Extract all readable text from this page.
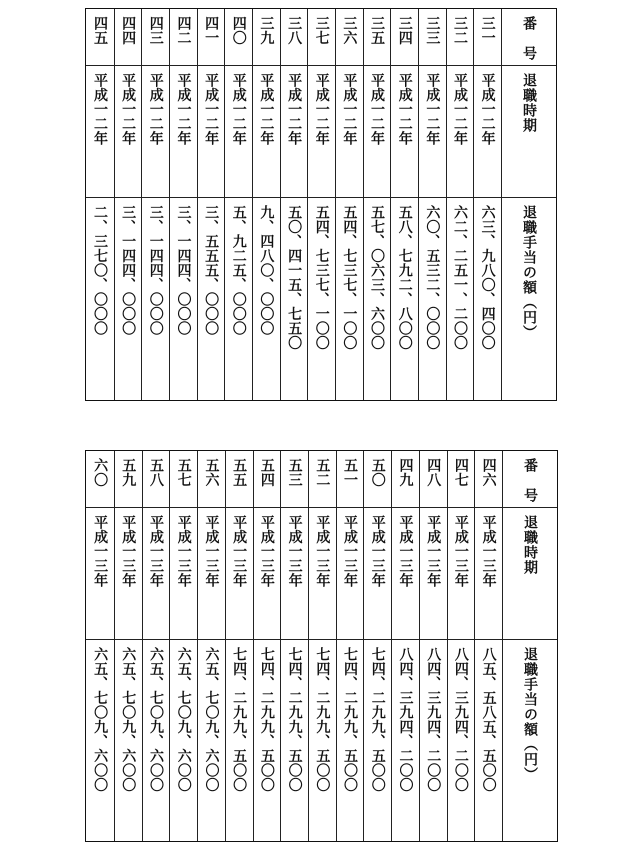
番　号
退職時期
退職手当の額（円）
三一
平成一二年
六三、九八〇、四〇〇
三二
平成一二年
六二、二五一、二〇〇
三三
平成一二年
六〇、五三二、〇〇〇
三四
平成一二年
五八、七九二、八〇〇
三五
平成一二年
五七、〇六三、六〇〇
三六
平成一二年
五四、七三七、一〇〇
三七
平成一二年
五四、七三七、一〇〇
三八
平成一二年
五〇、四一五、七五〇
三九
平成一二年
九、四八〇、〇〇〇
四〇
平成一二年
五、九二五、〇〇〇
四一
平成一二年
三、五五五、〇〇〇
四二
平成一二年
三、一四四、〇〇〇
四三
平成一二年
三、一四四、〇〇〇
四四
平成一二年
三、一四四、〇〇〇
四五
平成一二年
二、三七〇、〇〇〇
番　号
退職時期
退職手当の額（円）
四六
平成一三年
八五、五八五、五〇〇
四七
平成一三年
八四、三九四、二〇〇
四八
平成一三年
八四、三九四、二〇〇
四九
平成一三年
八四、三九四、二〇〇
五〇
平成一三年
七四、二九九、五〇〇
五一
平成一三年
七四、二九九、五〇〇
五二
平成一三年
七四、二九九、五〇〇
五三
平成一三年
七四、二九九、五〇〇
五四
平成一三年
七四、二九九、五〇〇
五五
平成一三年
七四、二九九、五〇〇
五六
平成一三年
六五、七〇九、六〇〇
五七
平成一三年
六五、七〇九、六〇〇
五八
平成一三年
六五、七〇九、六〇〇
五九
平成一三年
六五、七〇九、六〇〇
六〇
平成一三年
六五、七〇九、六〇〇
